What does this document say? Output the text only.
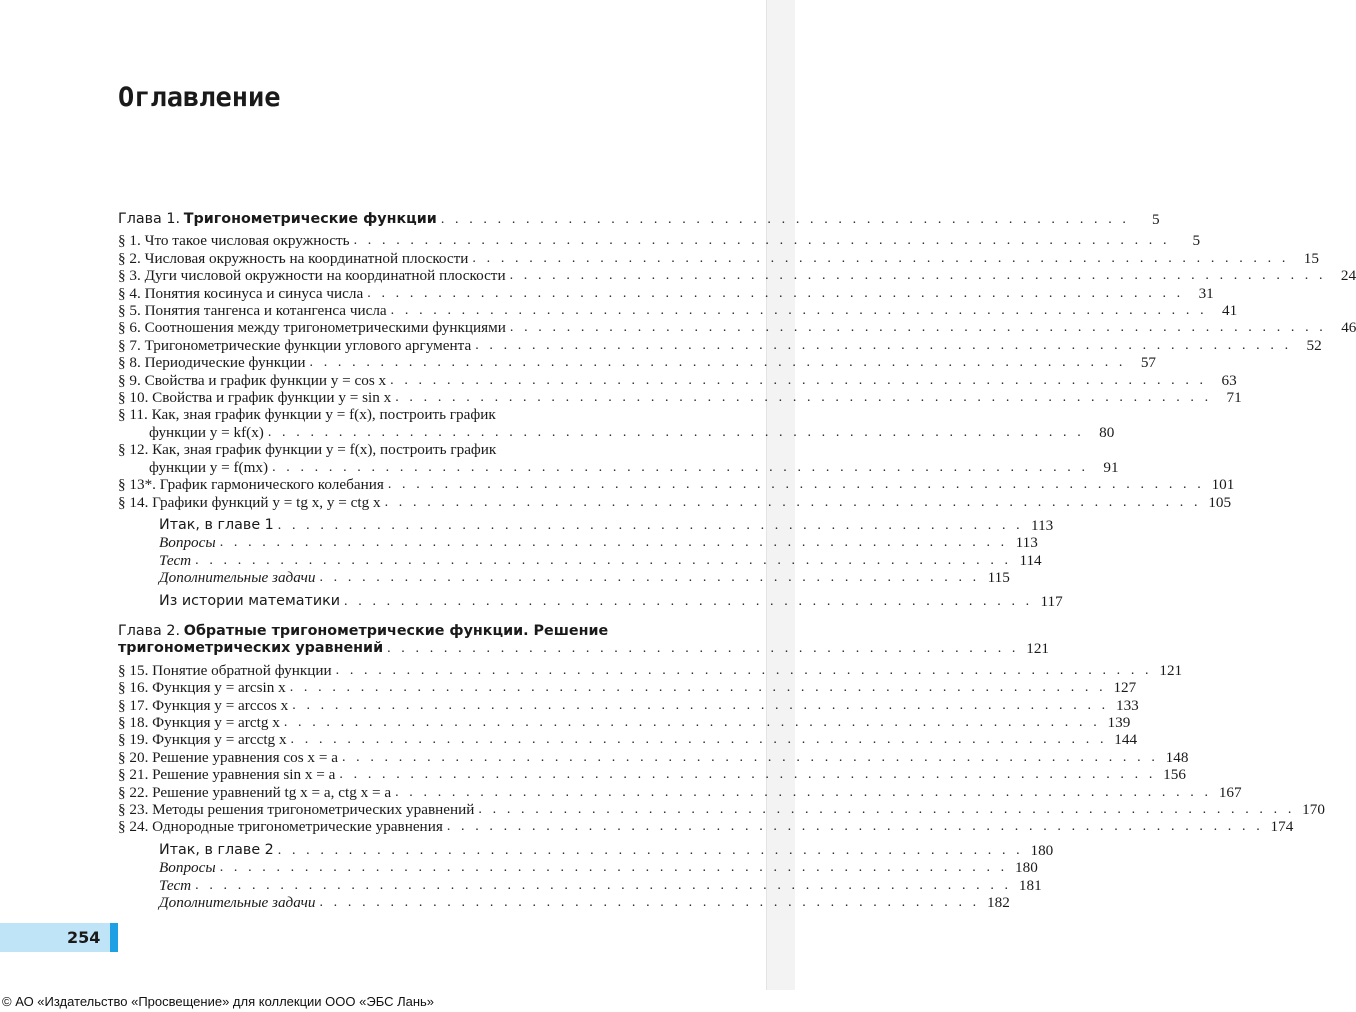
Оглавление
Глава 1. Тригонометрические функции . . . . . . . . . . . . . . . . . . . . . . . . . . . . . . . . . . . . . . . . . . . . . . . . .	5
§ 1. Что такое числовая окружность . . . . . . . . . . . . . . . . . . . . . . . . . . . . . . . . . . . . . . . . . . . . . . . . . . . . . . . . . .	5
§ 2. Числовая окружность на координатной плоскости . . . . . . . . . . . . . . . . . . . . . . . . . . . . . . . . . . . . . . . . . . . . . . . . . . . . . . . . . . 15
§ 3. Дуги числовой окружности на координатной плоскости . . . . . . . . . . . . . . . . . . . . . . . . . . . . . . . . . . . . . . . . . . . . . . . . . . . . . . . . . . 24
§ 4. Понятия косинуса и синуса числа . . . . . . . . . . . . . . . . . . . . . . . . . . . . . . . . . . . . . . . . . . . . . . . . . . . . . . . . . . 31
§ 5. Понятия тангенса и котангенса числа . . . . . . . . . . . . . . . . . . . . . . . . . . . . . . . . . . . . . . . . . . . . . . . . . . . . . . . . . . 41
§ 6. Соотношения между тригонометрическими функциями . . . . . . . . . . . . . . . . . . . . . . . . . . . . . . . . . . . . . . . . . . . . . . . . . . . . . . . . . . 46
§ 7. Тригонометрические функции углового аргумента . . . . . . . . . . . . . . . . . . . . . . . . . . . . . . . . . . . . . . . . . . . . . . . . . . . . . . . . . . 52
§ 8. Периодические функции . . . . . . . . . . . . . . . . . . . . . . . . . . . . . . . . . . . . . . . . . . . . . . . . . . . . . . . . . . 57
§ 9. Свойства и график функции y = cos x . . . . . . . . . . . . . . . . . . . . . . . . . . . . . . . . . . . . . . . . . . . . . . . . . . . . . . . . . . 63
§ 10. Свойства и график функции y = sin x . . . . . . . . . . . . . . . . . . . . . . . . . . . . . . . . . . . . . . . . . . . . . . . . . . . . . . . . . . 71
§ 11. Как, зная график функции y = f(x), построить график
функции y = kf(x) . . . . . . . . . . . . . . . . . . . . . . . . . . . . . . . . . . . . . . . . . . . . . . . . . . . . . . . . . . 80
§ 12. Как, зная график функции y = f(x), построить график
функции y = f(mx) . . . . . . . . . . . . . . . . . . . . . . . . . . . . . . . . . . . . . . . . . . . . . . . . . . . . . . . . . . 91
§ 13*. График гармонического колебания . . . . . . . . . . . . . . . . . . . . . . . . . . . . . . . . . . . . . . . . . . . . . . . . . . . . . . . . . . 101
§ 14. Графики функций y = tg x, y = ctg x . . . . . . . . . . . . . . . . . . . . . . . . . . . . . . . . . . . . . . . . . . . . . . . . . . . . . . . . . . 105
Итак, в главе 1 . . . . . . . . . . . . . . . . . . . . . . . . . . . . . . . . . . . . . . . . . . . . . . . . . . . . . 113
Вопросы . . . . . . . . . . . . . . . . . . . . . . . . . . . . . . . . . . . . . . . . . . . . . . . . . . . . . . . . 113
Тест . . . . . . . . . . . . . . . . . . . . . . . . . . . . . . . . . . . . . . . . . . . . . . . . . . . . . . . . . . 114
Дополнительные задачи . . . . . . . . . . . . . . . . . . . . . . . . . . . . . . . . . . . . . . . . . . . . . . . 115
Из истории математики . . . . . . . . . . . . . . . . . . . . . . . . . . . . . . . . . . . . . . . . . . . . . . . . . 117
Глава 2. Обратные тригонометрические функции. Решение
тригонометрических уравнений . . . . . . . . . . . . . . . . . . . . . . . . . . . . . . . . . . . . . . . . . . . . . 121
§ 15. Понятие обратной функции . . . . . . . . . . . . . . . . . . . . . . . . . . . . . . . . . . . . . . . . . . . . . . . . . . . . . . . . . . 121
§ 16. Функция y = arcsin x . . . . . . . . . . . . . . . . . . . . . . . . . . . . . . . . . . . . . . . . . . . . . . . . . . . . . . . . . . 127
§ 17. Функция y = arccos x . . . . . . . . . . . . . . . . . . . . . . . . . . . . . . . . . . . . . . . . . . . . . . . . . . . . . . . . . . 133
§ 18. Функция y = arctg x . . . . . . . . . . . . . . . . . . . . . . . . . . . . . . . . . . . . . . . . . . . . . . . . . . . . . . . . . . 139
§ 19. Функция y = arcctg x . . . . . . . . . . . . . . . . . . . . . . . . . . . . . . . . . . . . . . . . . . . . . . . . . . . . . . . . . . 144
§ 20. Решение уравнения cos x = a . . . . . . . . . . . . . . . . . . . . . . . . . . . . . . . . . . . . . . . . . . . . . . . . . . . . . . . . . . 148
§ 21. Решение уравнения sin x = a . . . . . . . . . . . . . . . . . . . . . . . . . . . . . . . . . . . . . . . . . . . . . . . . . . . . . . . . . . 156
§ 22. Решение уравнений tg x = a, ctg x = a . . . . . . . . . . . . . . . . . . . . . . . . . . . . . . . . . . . . . . . . . . . . . . . . . . . . . . . . . . 167
§ 23. Методы решения тригонометрических уравнений . . . . . . . . . . . . . . . . . . . . . . . . . . . . . . . . . . . . . . . . . . . . . . . . . . . . . . . . . . 170
§ 24. Однородные тригонометрические уравнения . . . . . . . . . . . . . . . . . . . . . . . . . . . . . . . . . . . . . . . . . . . . . . . . . . . . . . . . . . 174
Итак, в главе 2 . . . . . . . . . . . . . . . . . . . . . . . . . . . . . . . . . . . . . . . . . . . . . . . . . . . . . 180
Вопросы . . . . . . . . . . . . . . . . . . . . . . . . . . . . . . . . . . . . . . . . . . . . . . . . . . . . . . . . 180
Тест . . . . . . . . . . . . . . . . . . . . . . . . . . . . . . . . . . . . . . . . . . . . . . . . . . . . . . . . . . 181
Дополнительные задачи . . . . . . . . . . . . . . . . . . . . . . . . . . . . . . . . . . . . . . . . . . . . . . . 182
254
© АО «Издательство «Просвещение» для коллекции ООО «ЭБС Лань»
